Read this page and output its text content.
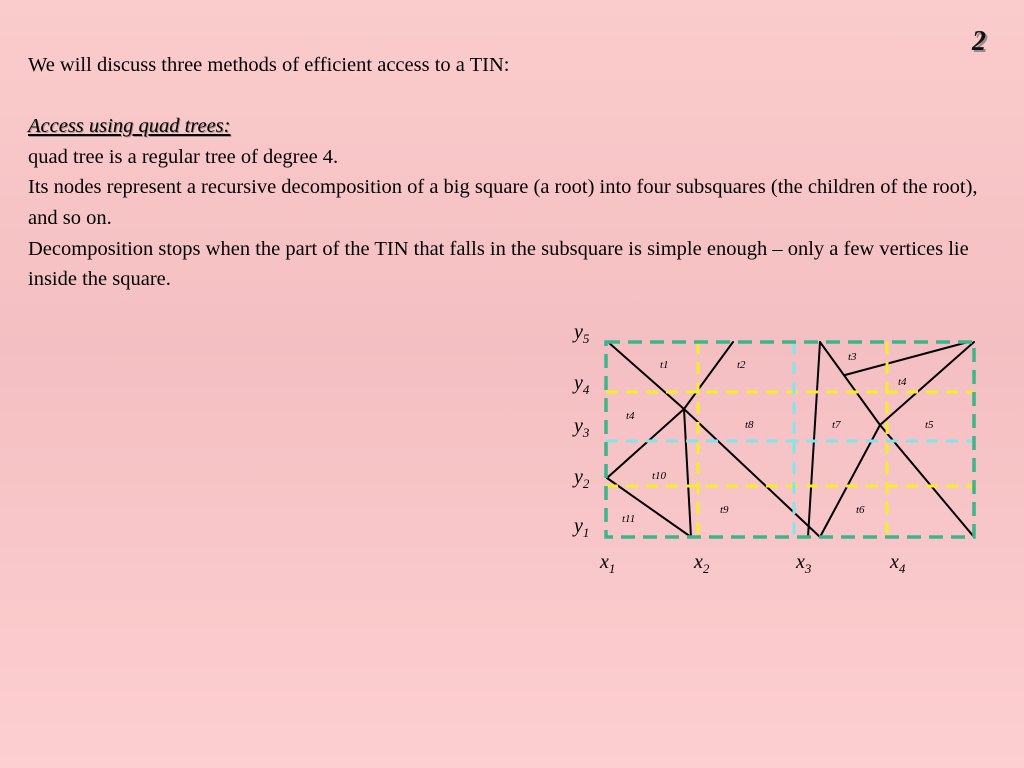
2

We will discuss three methods of efficient access to a TIN:

Access using quad trees:

quad tree is a regular tree of degree 4.

Its nodes represent a recursive decomposition of a big square (a root) into four subsquares (the children of the root), and so on.

Decomposition stops when the part of the TIN that falls in the subsquare is simple enough – only a few vertices lie inside the square.

$y_5$
$y_4$
$y_3$
$y_2$
$y_1$
$x_1$	$x_2$	$x_3$	$x_4$
t1	t2
t3
t4
t4
t8	t7	t5
t10
t9	t6
t11
